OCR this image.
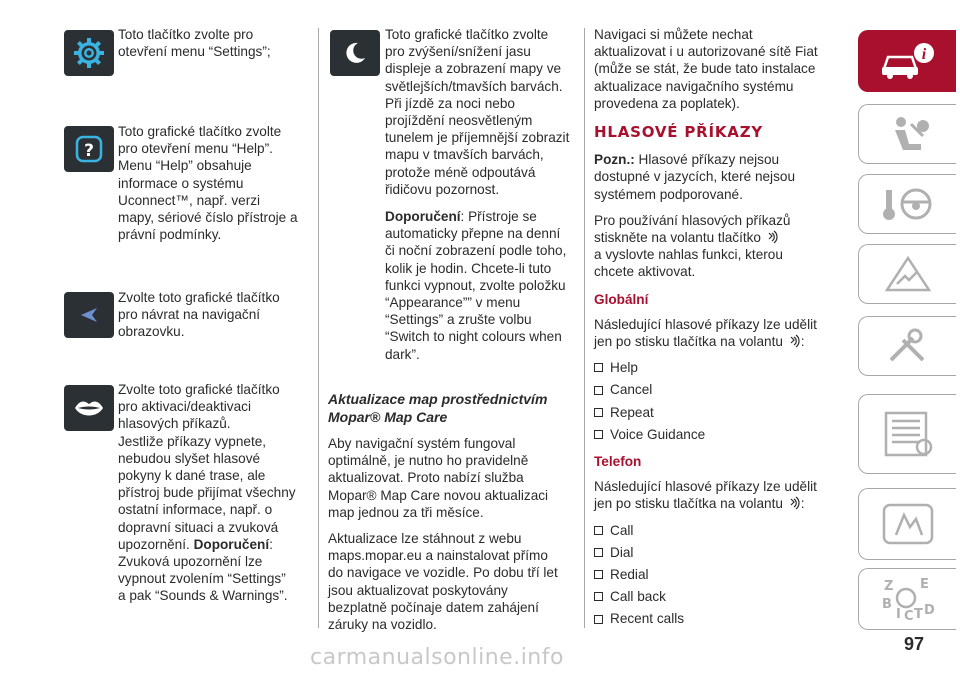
?

Toto tlačítko zvolte pro

otevření menu “Settings”;

Toto grafické tlačítko zvolte

pro otevření menu “Help”.

Menu “Help” obsahuje

informace o systému

Uconnect™, např. verzi

mapy, sériové číslo přístroje a

právní podmínky.

Zvolte toto grafické tlačítko

pro návrat na navigační

obrazovku.

Zvolte toto grafické tlačítko

pro aktivaci/deaktivaci

hlasových příkazů.

Jestliže příkazy vypnete,

nebudou slyšet hlasové

pokyny k dané trase, ale

přístroj bude přijímat všechny

ostatní informace, např. o

dopravní situaci a zvuková

upozornění. Doporučení:

Zvuková upozornění lze

vypnout zvolením “Settings”

a pak “Sounds & Warnings”.

Toto grafické tlačítko zvolte

pro zvýšení/snížení jasu

displeje a zobrazení mapy ve

světlejších/tmavších barvách.

Při jízdě za noci nebo

projíždění neosvětleným

tunelem je příjemnější zobrazit

mapu v tmavších barvách,

protože méně odpoutává

řidičovu pozornost.

Doporučení: Přístroje se

automaticky přepne na denní

či noční zobrazení podle toho,

kolik je hodin. Chcete-li tuto

funkci vypnout, zvolte položku

“Appearance”” v menu

“Settings” a zrušte volbu

“Switch to night colours when

dark”.

Aktualizace map prostřednictvím
Mopar® Map Care

Aby navigační systém fungoval

optimálně, je nutno ho pravidelně

aktualizovat. Proto nabízí služba

Mopar® Map Care novou aktualizaci

map jednou za tři měsíce.

Aktualizace lze stáhnout z webu

maps.mopar.eu a nainstalovat přímo

do navigace ve vozidle. Po dobu tří let

jsou aktualizovat poskytovány

bezplatně počínaje datem zahájení

záruky na vozidlo.

Navigaci si můžete nechat

aktualizovat i u autorizované sítě Fiat

(může se stát, že bude tato instalace

aktualizace navigačního systému

provedena za poplatek).

HLASOVÉ PŘÍKAZY

Pozn.: Hlasové příkazy nejsou

dostupné v jazycích, které nejsou

systémem podporované.

Pro používání hlasových příkazů

stiskněte na volantu tlačítko

a vyslovte nahlas funkci, kterou

chcete aktivovat.

Globální

Následující hlasové příkazy lze udělit

jen po stisku tlačítka na volantu :

Help
Cancel
Repeat
Voice Guidance
Telefon

Následující hlasové příkazy lze udělit

jen po stisku tlačítka na volantu :

Call
Dial
Redial
Call back
Recent calls
i
Z E
B
I C T D
97
carmanualsonline.info
